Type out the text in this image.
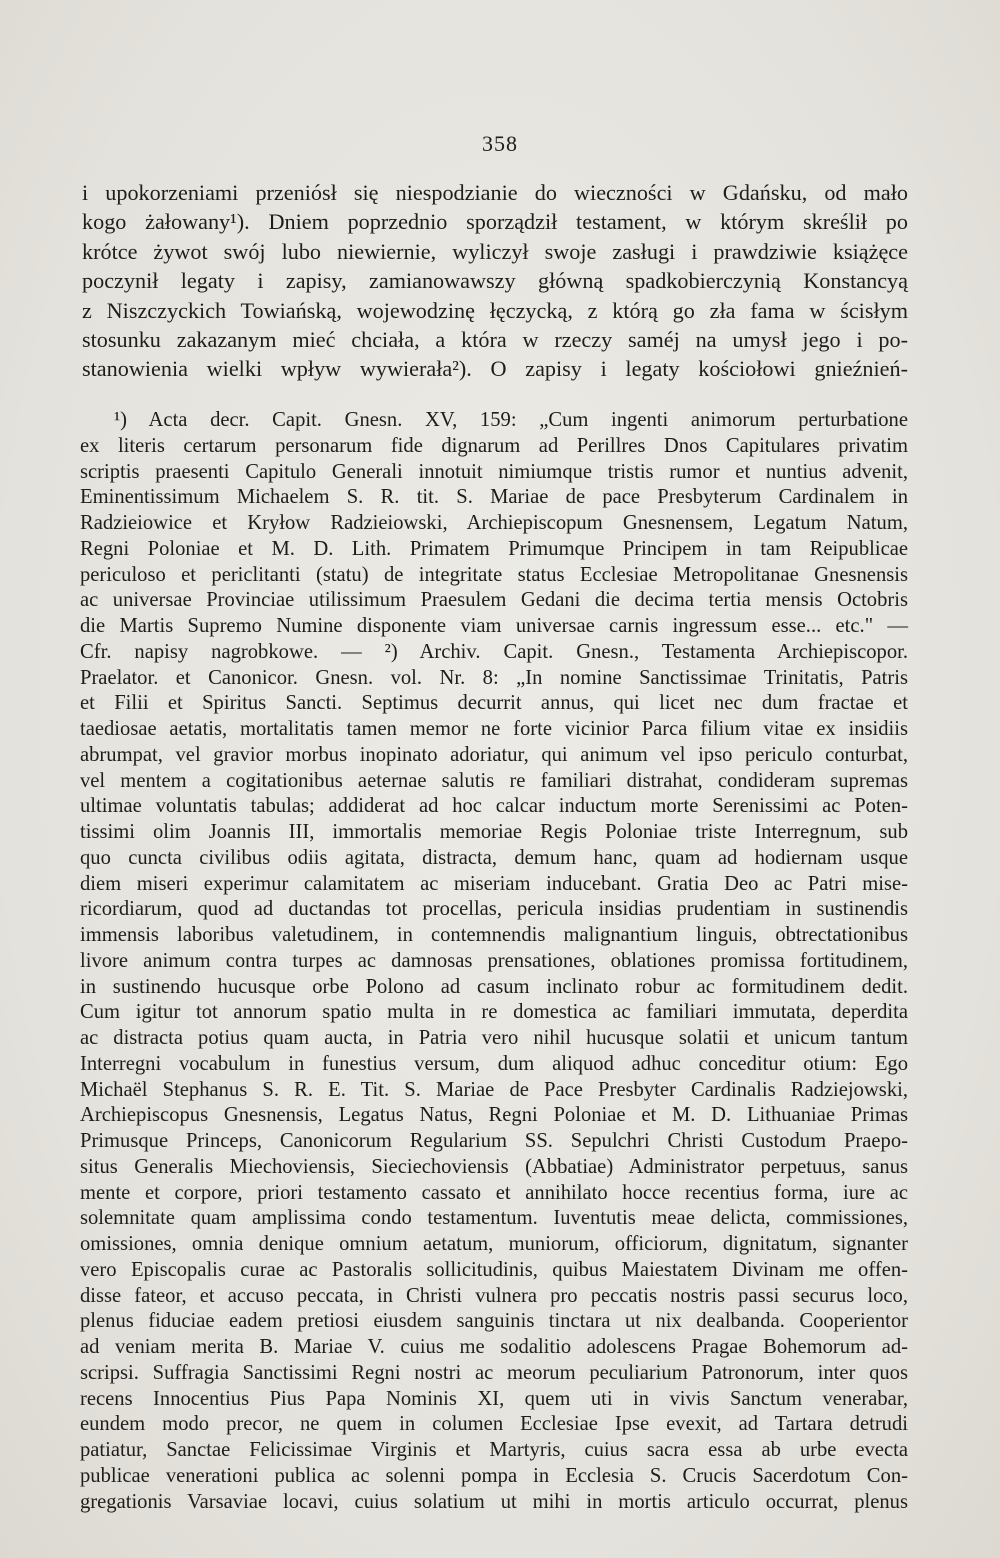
358
i upokorzeniami przeniósł się niespodzianie do wieczności w Gdańsku, od mało
kogo żałowany¹). Dniem poprzednio sporządził testament, w którym skreślił po
krótce żywot swój lubo niewiernie, wyliczył swoje zasługi i prawdziwie książęce
poczynił legaty i zapisy, zamianowawszy główną spadkobierczynią Konstancyą
z Niszczyckich Towiańską, wojewodzinę łęczycką, z którą go zła fama w ścisłym
stosunku zakazanym mieć chciała, a która w rzeczy saméj na umysł jego i po-
stanowienia wielki wpływ wywierała²). O zapisy i legaty kościołowi gnieźnień-
¹) Acta decr. Capit. Gnesn. XV, 159: „Cum ingenti animorum perturbatione
ex literis certarum personarum fide dignarum ad Perillres Dnos Capitulares privatim
scriptis praesenti Capitulo Generali innotuit nimiumque tristis rumor et nuntius advenit,
Eminentissimum Michaelem S. R. tit. S. Mariae de pace Presbyterum Cardinalem in
Radzieiowice et Kryłow Radzieiowski, Archiepiscopum Gnesnensem, Legatum Natum,
Regni Poloniae et M. D. Lith. Primatem Primumque Principem in tam Reipublicae
periculoso et periclitanti (statu) de integritate status Ecclesiae Metropolitanae Gnesnensis
ac universae Provinciae utilissimum Praesulem Gedani die decima tertia mensis Octobris
die Martis Supremo Numine disponente viam universae carnis ingressum esse... etc." —
Cfr. napisy nagrobkowe. — ²) Archiv. Capit. Gnesn., Testamenta Archiepiscopor.
Praelator. et Canonicor. Gnesn. vol. Nr. 8: „In nomine Sanctissimae Trinitatis, Patris
et Filii et Spiritus Sancti. Septimus decurrit annus, qui licet nec dum fractae et
taediosae aetatis, mortalitatis tamen memor ne forte vicinior Parca filium vitae ex insidiis
abrumpat, vel gravior morbus inopinato adoriatur, qui animum vel ipso periculo conturbat,
vel mentem a cogitationibus aeternae salutis re familiari distrahat, condideram supremas
ultimae voluntatis tabulas; addiderat ad hoc calcar inductum morte Serenissimi ac Poten-
tissimi olim Joannis III, immortalis memoriae Regis Poloniae triste Interregnum, sub
quo cuncta civilibus odiis agitata, distracta, demum hanc, quam ad hodiernam usque
diem miseri experimur calamitatem ac miseriam inducebant. Gratia Deo ac Patri mise-
ricordiarum, quod ad ductandas tot procellas, pericula insidias prudentiam in sustinendis
immensis laboribus valetudinem, in contemnendis malignantium linguis, obtrectationibus
livore animum contra turpes ac damnosas prensationes, oblationes promissa fortitudinem,
in sustinendo hucusque orbe Polono ad casum inclinato robur ac formitudinem dedit.
Cum igitur tot annorum spatio multa in re domestica ac familiari immutata, deperdita
ac distracta potius quam aucta, in Patria vero nihil hucusque solatii et unicum tantum
Interregni vocabulum in funestius versum, dum aliquod adhuc conceditur otium: Ego
Michaël Stephanus S. R. E. Tit. S. Mariae de Pace Presbyter Cardinalis Radziejowski,
Archiepiscopus Gnesnensis, Legatus Natus, Regni Poloniae et M. D. Lithuaniae Primas
Primusque Princeps, Canonicorum Regularium SS. Sepulchri Christi Custodum Praepo-
situs Generalis Miechoviensis, Sieciechoviensis (Abbatiae) Administrator perpetuus, sanus
mente et corpore, priori testamento cassato et annihilato hocce recentius forma, iure ac
solemnitate quam amplissima condo testamentum. Iuventutis meae delicta, commissiones,
omissiones, omnia denique omnium aetatum, muniorum, officiorum, dignitatum, signanter
vero Episcopalis curae ac Pastoralis sollicitudinis, quibus Maiestatem Divinam me offen-
disse fateor, et accuso peccata, in Christi vulnera pro peccatis nostris passi securus loco,
plenus fiduciae eadem pretiosi eiusdem sanguinis tinctara ut nix dealbanda. Cooperientor
ad veniam merita B. Mariae V. cuius me sodalitio adolescens Pragae Bohemorum ad-
scripsi. Suffragia Sanctissimi Regni nostri ac meorum peculiarium Patronorum, inter quos
recens Innocentius Pius Papa Nominis XI, quem uti in vivis Sanctum venerabar,
eundem modo precor, ne quem in columen Ecclesiae Ipse evexit, ad Tartara detrudi
patiatur, Sanctae Felicissimae Virginis et Martyris, cuius sacra essa ab urbe evecta
publicae venerationi publica ac solenni pompa in Ecclesia S. Crucis Sacerdotum Con-
gregationis Varsaviae locavi, cuius solatium ut mihi in mortis articulo occurrat, plenus
